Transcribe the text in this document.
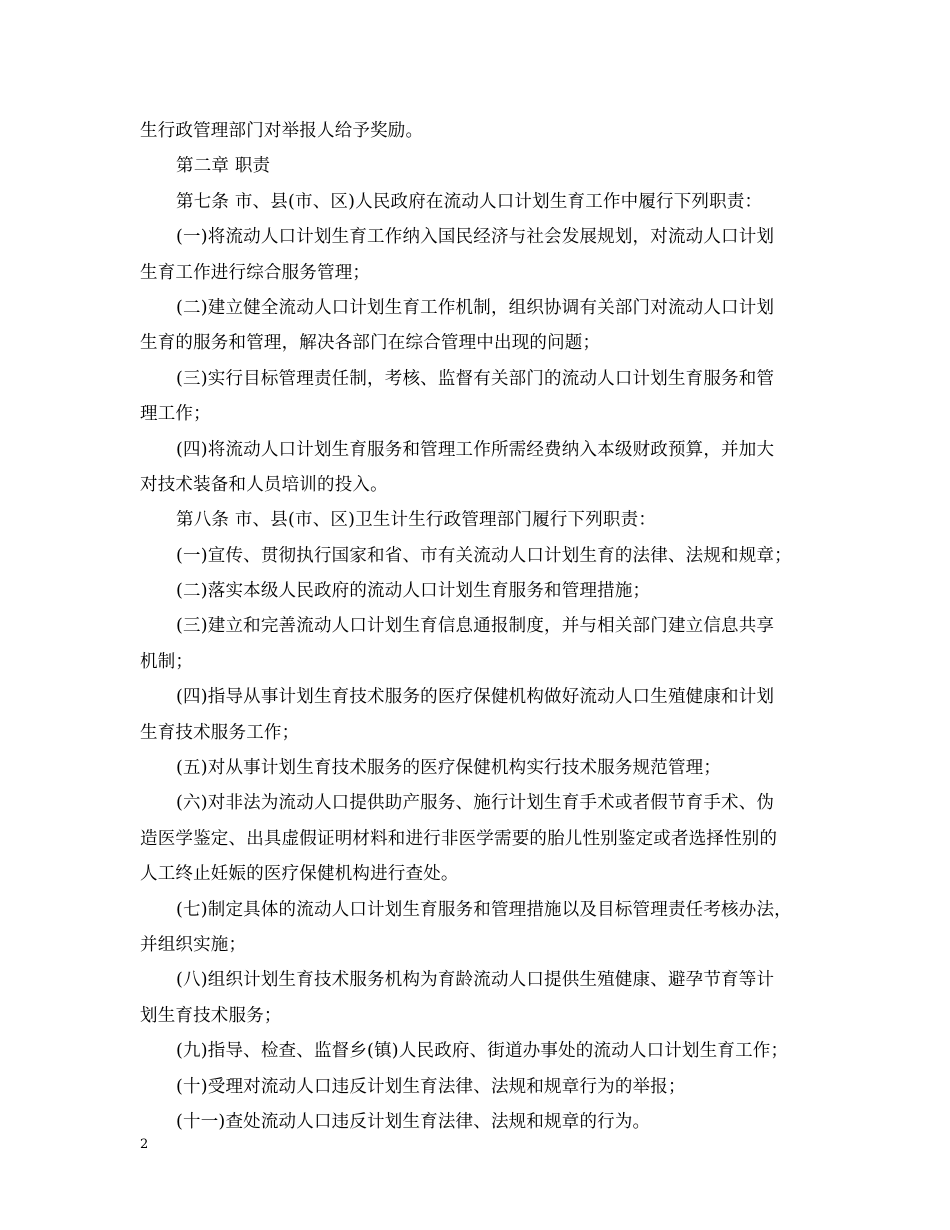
生行政管理部门对举报人给予奖励。
第二章 职责
第七条 市、县(市、区)人民政府在流动人口计划生育工作中履行下列职责：
(一)将流动人口计划生育工作纳入国民经济与社会发展规划，对流动人口计划
生育工作进行综合服务管理；
(二)建立健全流动人口计划生育工作机制，组织协调有关部门对流动人口计划
生育的服务和管理，解决各部门在综合管理中出现的问题；
(三)实行目标管理责任制，考核、监督有关部门的流动人口计划生育服务和管
理工作；
(四)将流动人口计划生育服务和管理工作所需经费纳入本级财政预算，并加大
对技术装备和人员培训的投入。
第八条 市、县(市、区)卫生计生行政管理部门履行下列职责：
(一)宣传、贯彻执行国家和省、市有关流动人口计划生育的法律、法规和规章；
(二)落实本级人民政府的流动人口计划生育服务和管理措施；
(三)建立和完善流动人口计划生育信息通报制度，并与相关部门建立信息共享
机制；
(四)指导从事计划生育技术服务的医疗保健机构做好流动人口生殖健康和计划
生育技术服务工作；
(五)对从事计划生育技术服务的医疗保健机构实行技术服务规范管理；
(六)对非法为流动人口提供助产服务、施行计划生育手术或者假节育手术、伪
造医学鉴定、出具虚假证明材料和进行非医学需要的胎儿性别鉴定或者选择性别的
人工终止妊娠的医疗保健机构进行查处。
(七)制定具体的流动人口计划生育服务和管理措施以及目标管理责任考核办法，
并组织实施；
(八)组织计划生育技术服务机构为育龄流动人口提供生殖健康、避孕节育等计
划生育技术服务；
(九)指导、检查、监督乡(镇)人民政府、街道办事处的流动人口计划生育工作；
(十)受理对流动人口违反计划生育法律、法规和规章行为的举报；
(十一)查处流动人口违反计划生育法律、法规和规章的行为。
2
